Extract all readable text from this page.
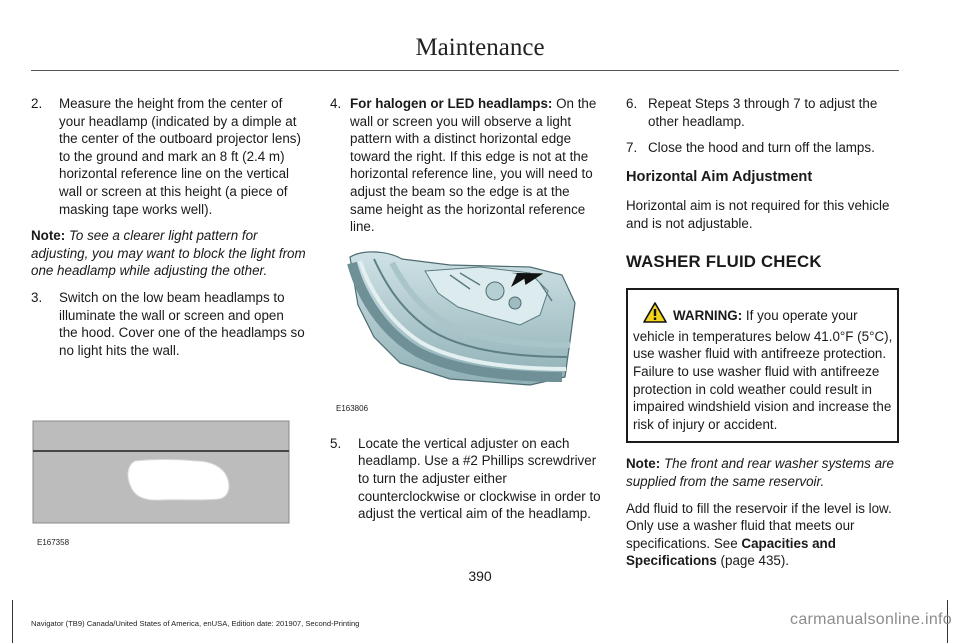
Maintenance
2.	Measure the height from the center of your headlamp (indicated by a dimple at the center of the outboard projector lens) to the ground and mark an 8 ft (2.4 m) horizontal reference line on the vertical wall or screen at this height (a piece of masking tape works well).

Note: To see a clearer light pattern for adjusting, you may want to block the light from one headlamp while adjusting the other.

3.	Switch on the low beam headlamps to illuminate the wall or screen and open the hood. Cover one of the headlamps so no light hits the wall.
E167358
4. For halogen or LED headlamps: On the wall or screen you will observe a light pattern with a distinct horizontal edge toward the right. If this edge is not at the horizontal reference line, you will need to adjust the beam so the edge is at the same height as the horizontal reference line.
E163806
5.	Locate the vertical adjuster on each headlamp. Use a #2 Phillips screwdriver to turn the adjuster either counterclockwise or clockwise in order to adjust the vertical aim of the headlamp.
6. Repeat Steps 3 through 7 to adjust the other headlamp.
7. Close the hood and turn off the lamps.
Horizontal Aim Adjustment

Horizontal aim is not required for this vehicle and is not adjustable.

WASHER FLUID CHECK
WARNING: If you operate your vehicle in temperatures below 41.0°F (5°C), use washer fluid with antifreeze protection. Failure to use washer fluid with antifreeze protection in cold weather could result in impaired windshield vision and increase the risk of injury or accident.

Note: The front and rear washer systems are supplied from the same reservoir.

Add fluid to fill the reservoir if the level is low. Only use a washer fluid that meets our specifications. See Capacities and Specifications (page 435).

390
Navigator (TB9) Canada/United States of America, enUSA, Edition date: 201907, Second-Printing	carmanualsonline.info
